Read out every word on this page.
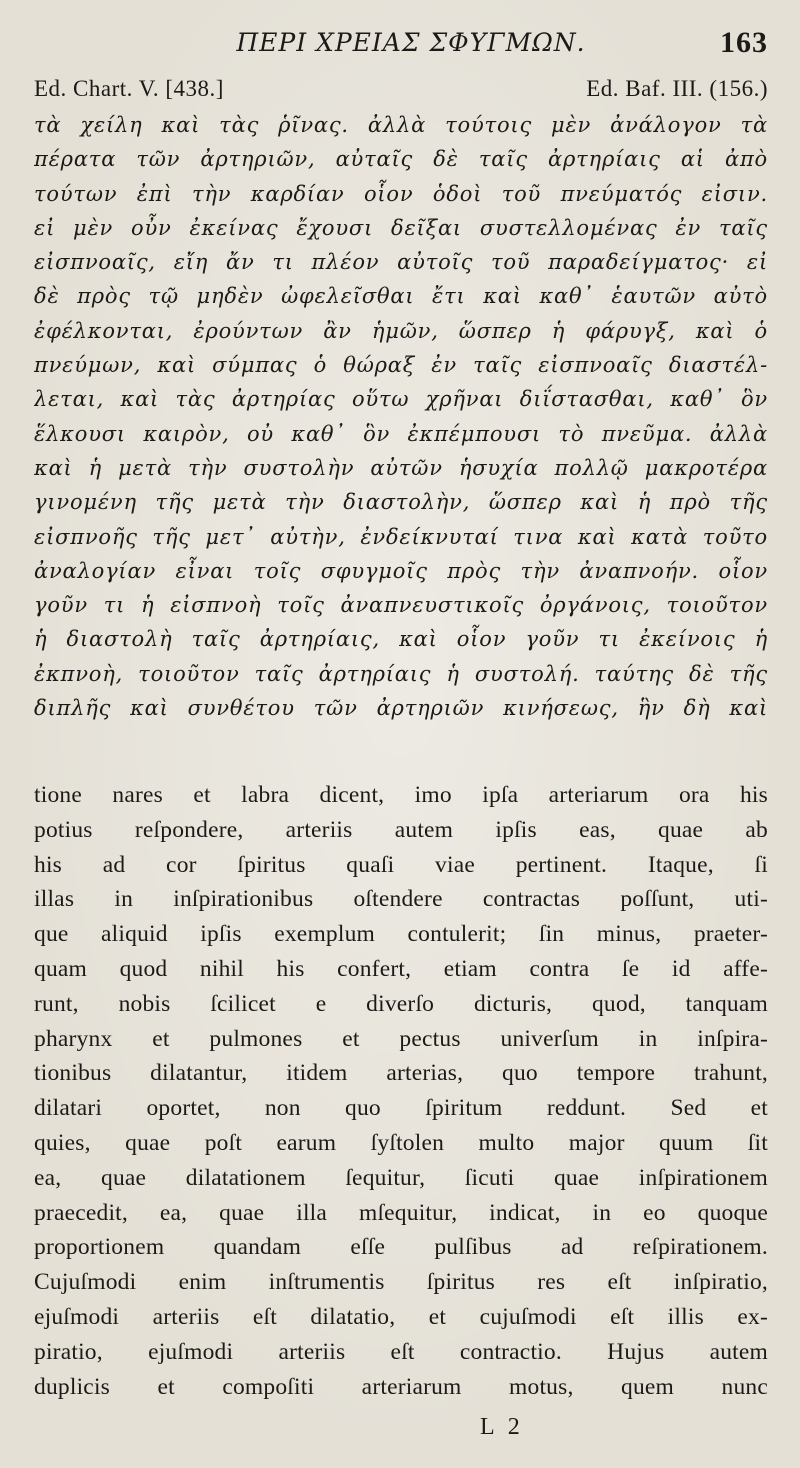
ΠΕΡΙ ΧΡΕΙΑΣ ΣΦΥΓΜΩΝ.	163
Ed. Chart. V. [438.]	Ed. Baf. III. (156.)
τὰ χείλη καὶ τὰς ῥῖνας. ἀλλὰ τούτοις μὲν ἀνάλογον τὰ
πέρατα τῶν ἀρτηριῶν, αὐταῖς δὲ ταῖς ἀρτηρίαις αἱ ἀπὸ
τούτων ἐπὶ τὴν καρδίαν οἷον ὁδοὶ τοῦ πνεύματός εἰσιν.
εἰ μὲν οὖν ἐκείνας ἔχουσι δεῖξαι συστελλομένας ἐν ταῖς
εἰσπνοαῖς, εἴη ἄν τι πλέον αὐτοῖς τοῦ παραδείγματος· εἰ
δὲ πρὸς τῷ μηδὲν ὠφελεῖσθαι ἔτι καὶ καθ᾽ ἑαυτῶν αὐτὸ
ἐφέλκονται, ἐρούντων ἂν ἡμῶν, ὥσπερ ἡ φάρυγξ, καὶ ὁ
πνεύμων, καὶ σύμπας ὁ θώραξ ἐν ταῖς εἰσπνοαῖς διαστέλ-
λεται, καὶ τὰς ἀρτηρίας οὕτω χρῆναι διΐστασθαι, καθ᾽ ὃν
ἕλκουσι καιρὸν, οὐ καθ᾽ ὃν ἐκπέμπουσι τὸ πνεῦμα. ἀλλὰ
καὶ ἡ μετὰ τὴν συστολὴν αὐτῶν ἡσυχία πολλῷ μακροτέρα
γινομένη τῆς μετὰ τὴν διαστολὴν, ὥσπερ καὶ ἡ πρὸ τῆς
εἰσπνοῆς τῆς μετ᾽ αὐτὴν, ἐνδείκνυταί τινα καὶ κατὰ τοῦτο
ἀναλογίαν εἶναι τοῖς σφυγμοῖς πρὸς τὴν ἀναπνοήν. οἷον
γοῦν τι ἡ εἰσπνοὴ τοῖς ἀναπνευστικοῖς ὀργάνοις, τοιοῦτον
ἡ διαστολὴ ταῖς ἀρτηρίαις, καὶ οἷον γοῦν τι ἐκείνοις ἡ
ἐκπνοὴ, τοιοῦτον ταῖς ἀρτηρίαις ἡ συστολή. ταύτης δὲ τῆς
διπλῆς καὶ συνθέτου τῶν ἀρτηριῶν κινήσεως, ἣν δὴ καὶ
tione nares et labra dicent, imo ipſa arteriarum ora his
potius reſpondere, arteriis autem ipſis eas, quae ab
his ad cor ſpiritus quaſi viae pertinent. Itaque, ſi
illas in inſpirationibus oſtendere contractas poſſunt, uti-
que aliquid ipſis exemplum contulerit; ſin minus, praeter-
quam quod nihil his confert, etiam contra ſe id affe-
runt, nobis ſcilicet e diverſo dicturis, quod, tanquam
pharynx et pulmones et pectus univerſum in inſpira-
tionibus dilatantur, itidem arterias, quo tempore trahunt,
dilatari oportet, non quo ſpiritum reddunt. Sed et
quies, quae poſt earum ſyſtolen multo major quum ſit
ea, quae dilatationem ſequitur, ſicuti quae inſpirationem
praecedit, ea, quae illa mſequitur, indicat, in eo quoque
proportionem quandam eſſe pulſibus ad reſpirationem.
Cujuſmodi enim inſtrumentis ſpiritus res eſt inſpiratio,
ejuſmodi arteriis eſt dilatatio, et cujuſmodi eſt illis ex-
piratio, ejuſmodi arteriis eſt contractio. Hujus autem
duplicis et compoſiti arteriarum motus, quem nunc
L 2
